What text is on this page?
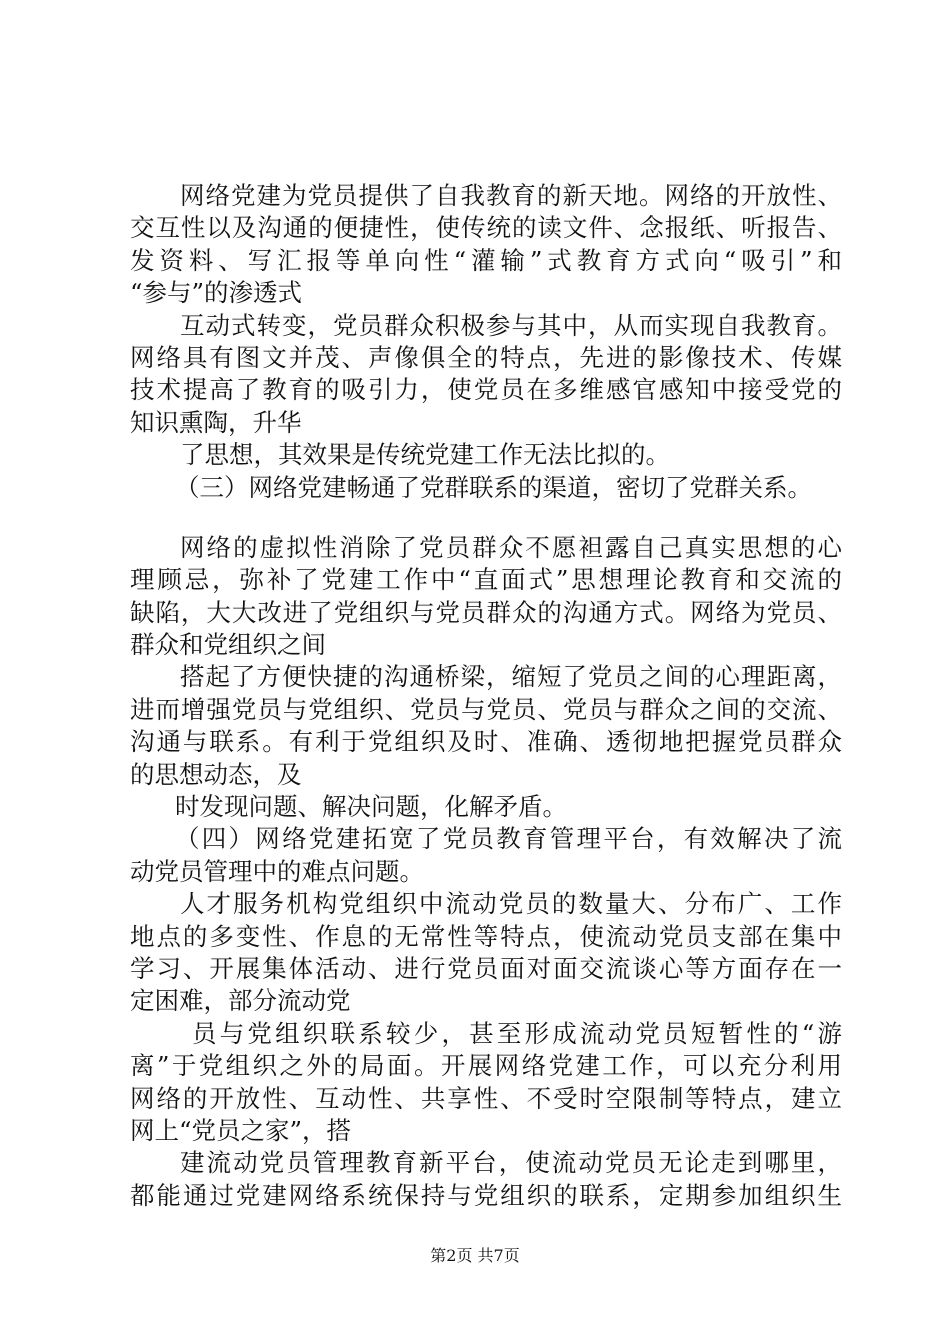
网络党建为党员提供了自我教育的新天地。网络的开放性、
交互性以及沟通的便捷性，使传统的读文件、念报纸、听报告、
发资料、写汇报等单向性“灌输”式教育方式向“吸引”和
“参与”的渗透式
互动式转变，党员群众积极参与其中，从而实现自我教育。
网络具有图文并茂、声像俱全的特点，先进的影像技术、传媒
技术提高了教育的吸引力，使党员在多维感官感知中接受党的
知识熏陶，升华
了思想，其效果是传统党建工作无法比拟的。
（三）网络党建畅通了党群联系的渠道，密切了党群关系。
网络的虚拟性消除了党员群众不愿袒露自己真实思想的心
理顾忌，弥补了党建工作中“直面式”思想理论教育和交流的
缺陷，大大改进了党组织与党员群众的沟通方式。网络为党员、
群众和党组织之间
搭起了方便快捷的沟通桥梁，缩短了党员之间的心理距离，
进而增强党员与党组织、党员与党员、党员与群众之间的交流、
沟通与联系。有利于党组织及时、准确、透彻地把握党员群众
的思想动态，及
时发现问题、解决问题，化解矛盾。
（四）网络党建拓宽了党员教育管理平台，有效解决了流
动党员管理中的难点问题。
人才服务机构党组织中流动党员的数量大、分布广、工作
地点的多变性、作息的无常性等特点，使流动党员支部在集中
学习、开展集体活动、进行党员面对面交流谈心等方面存在一
定困难，部分流动党
员与党组织联系较少，甚至形成流动党员短暂性的“游
离”于党组织之外的局面。开展网络党建工作，可以充分利用
网络的开放性、互动性、共享性、不受时空限制等特点，建立
网上“党员之家”，搭
建流动党员管理教育新平台，使流动党员无论走到哪里，
都能通过党建网络系统保持与党组织的联系，定期参加组织生
第2页 共7页
